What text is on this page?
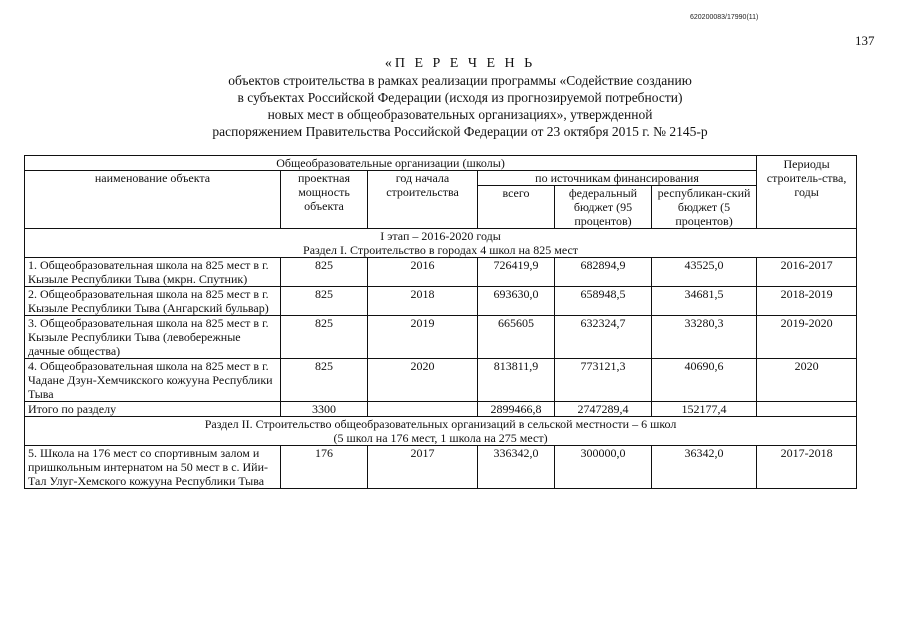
620200083/17990(11)
137
«П Е Р Е Ч Е Н Ь
объектов строительства в рамках реализации программы «Содействие созданию
в субъектах Российской Федерации (исходя из прогнозируемой потребности)
новых мест в общеобразовательных организациях», утвержденной
распоряжением Правительства Российской Федерации от 23 октября 2015 г. № 2145-р
Общеобразовательные организации (школы)						Периоды строитель-ства, годы
наименование объекта	проектная мощность объекта	год начала строительства	по источникам финансирования			
			всего	федеральный бюджет (95 процентов)	республикан-ский бюджет (5 процентов)	

I этап – 2016-2020 годы
Раздел I. Строительство в городах 4 школ на 825 мест						

1. Общеобразовательная школа на 825 мест в г. Кызыле Республики Тыва (мкрн. Спутник)	825	2016	726419,9	682894,9	43525,0	2016-2017
2. Общеобразовательная школа на 825 мест в г. Кызыле Республики Тыва (Ангарский бульвар)	825	2018	693630,0	658948,5	34681,5	2018-2019
3. Общеобразовательная школа на 825 мест в г. Кызыле Республики Тыва (левобережные дачные общества)	825	2019	665605	632324,7	33280,3	2019-2020
4. Общеобразовательная школа на 825 мест в г. Чадане Дзун-Хемчикского кожууна Республики Тыва	825	2020	813811,9	773121,3	40690,6	2020
Итого по разделу	3300		2899466,8	2747289,4	152177,4	

Раздел II. Строительство общеобразовательных организаций в сельской местности – 6 школ
(5 школ на 176 мест, 1 школа на 275 мест)						

5. Школа на 176 мест со спортивным залом и пришкольным интернатом на 50 мест в с. Ийи-Тал Улуг-Хемского кожууна Республики Тыва	176	2017	336342,0	300000,0	36342,0	2017-2018
